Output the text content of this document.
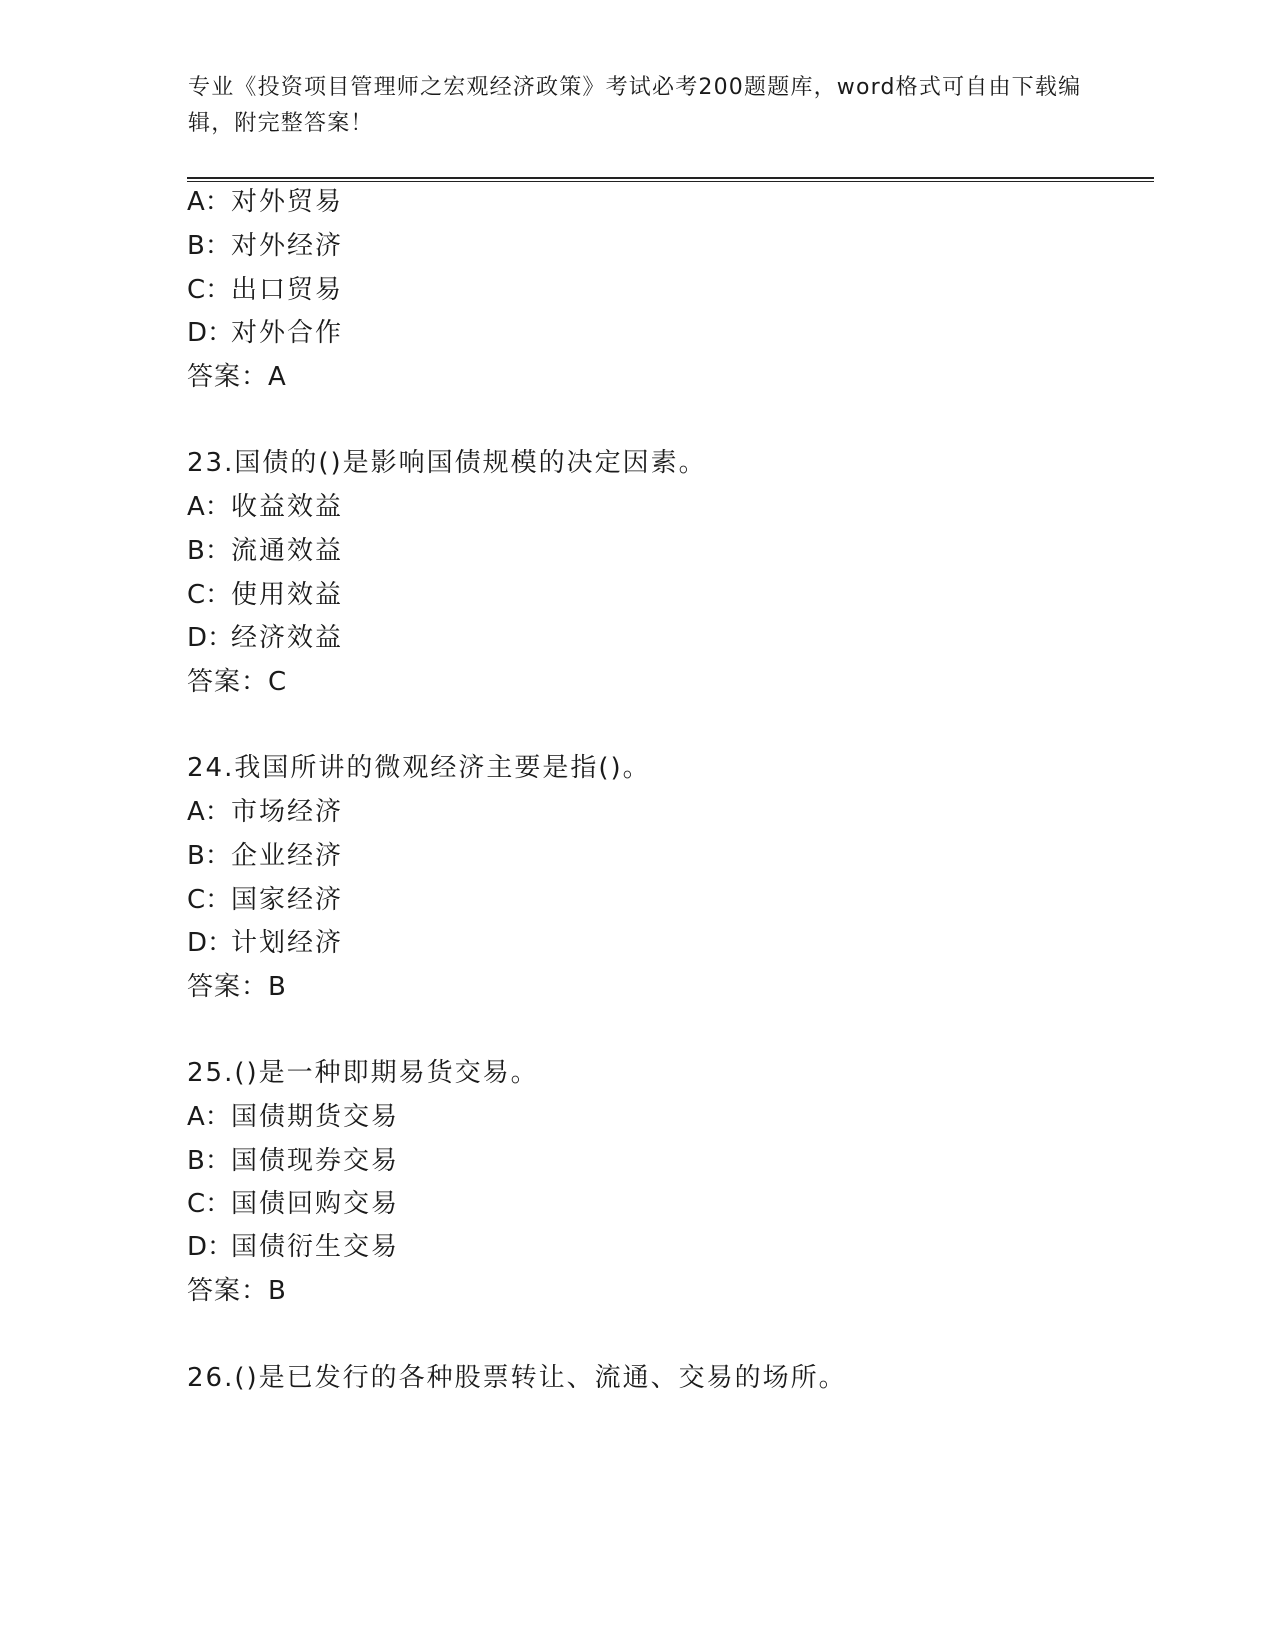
专业《投资项目管理师之宏观经济政策》考试必考200题题库，word格式可自由下载编辑，附完整答案！
A：对外贸易
B：对外经济
C：出口贸易
D：对外合作
答案：A
23.国债的()是影响国债规模的决定因素。
A：收益效益
B：流通效益
C：使用效益
D：经济效益
答案：C
24.我国所讲的微观经济主要是指()。
A：市场经济
B：企业经济
C：国家经济
D：计划经济
答案：B
25.()是一种即期易货交易。
A：国债期货交易
B：国债现券交易
C：国债回购交易
D：国债衍生交易
答案：B
26.()是已发行的各种股票转让、流通、交易的场所。
